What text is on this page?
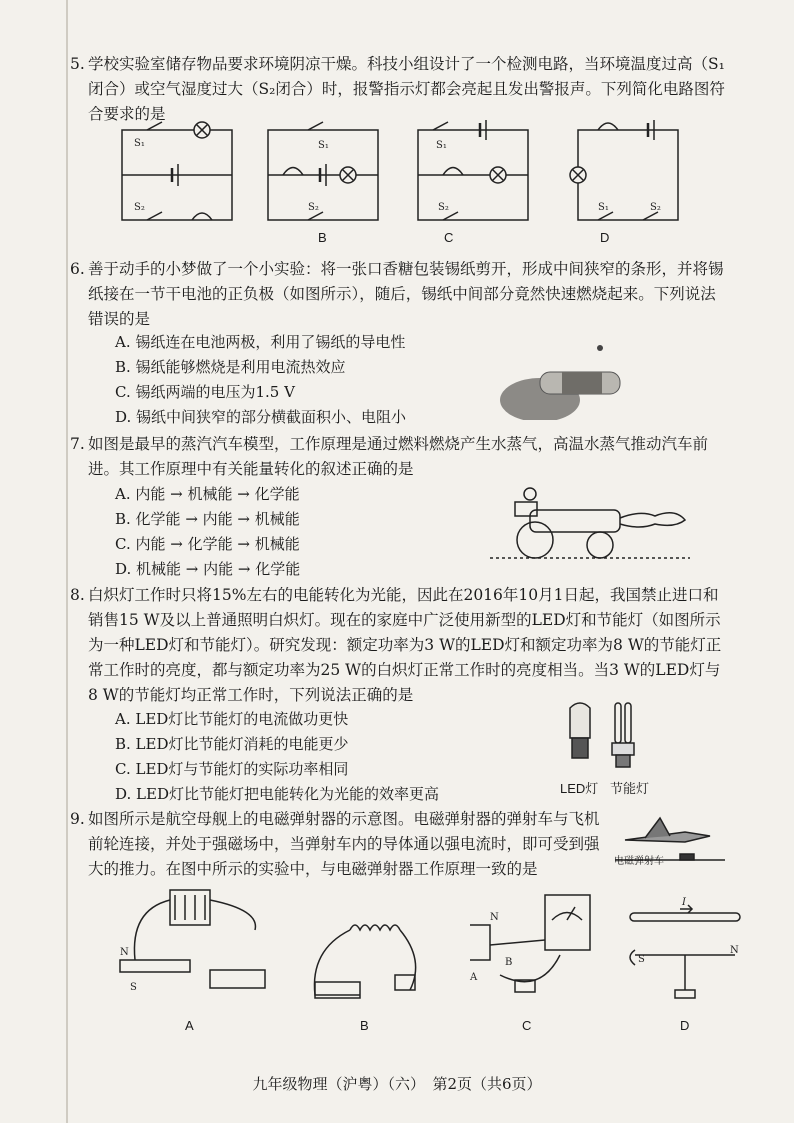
5. 学校实验室储存物品要求环境阴凉干燥。科技小组设计了一个检测电路，当环境温度过高（S₁闭合）或空气湿度过大（S₂闭合）时，报警指示灯都会亮起且发出警报声。下列简化电路图符合要求的是
S₁
S₂
S₁
S₂
B
S₁
S₂
C
S₁	S₂
D
6. 善于动手的小梦做了一个小实验：将一张口香糖包装锡纸剪开，形成中间狭窄的条形，并将锡纸接在一节干电池的正负极（如图所示），随后，锡纸中间部分竟然快速燃烧起来。下列说法错误的是
A. 锡纸连在电池两极，利用了锡纸的导电性
B. 锡纸能够燃烧是利用电流热效应
C. 锡纸两端的电压为1.5 V
D. 锡纸中间狭窄的部分横截面积小、电阻小
7. 如图是最早的蒸汽汽车模型，工作原理是通过燃料燃烧产生水蒸气，高温水蒸气推动汽车前进。其工作原理中有关能量转化的叙述正确的是
A. 内能 → 机械能 → 化学能
B. 化学能 → 内能 → 机械能
C. 内能 → 化学能 → 机械能
D. 机械能 → 内能 → 化学能
8. 白炽灯工作时只将15%左右的电能转化为光能，因此在2016年10月1日起，我国禁止进口和销售15 W及以上普通照明白炽灯。现在的家庭中广泛使用新型的LED灯和节能灯（如图所示为一种LED灯和节能灯）。研究发现：额定功率为3 W的LED灯和额定功率为8 W的节能灯正常工作时的亮度，都与额定功率为25 W的白炽灯正常工作时的亮度相当。当3 W的LED灯与8 W的节能灯均正常工作时，下列说法正确的是
A. LED灯比节能灯的电流做功更快
B. LED灯比节能灯消耗的电能更少
C. LED灯与节能灯的实际功率相同
D. LED灯比节能灯把电能转化为光能的效率更高	LED灯 节能灯
9. 如图所示是航空母舰上的电磁弹射器的示意图。电磁弹射器的弹射车与飞机前轮连接，并处于强磁场中，当弹射车内的导体通以强电流时，即可受到强大的推力。在图中所示的实验中，与电磁弹射器工作原理一致的是	电磁弹射车
N
S
A	B
N
A
B
C
S
N
I
D
九年级物理（沪粤）（六）　第2页（共6页）
